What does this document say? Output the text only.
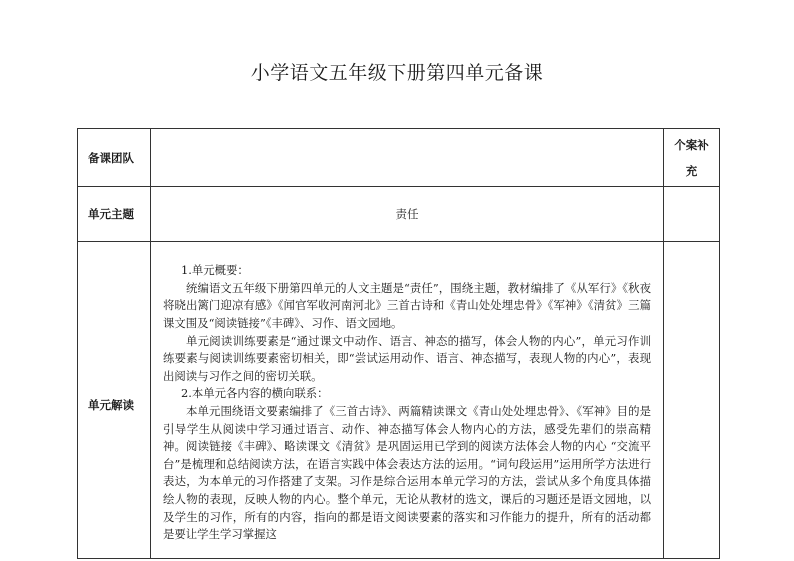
小学语文五年级下册第四单元备课
备课团队		个案补
充

单元主题	责任	
单元解读	1.单元概要：

统编语文五年级下册第四单元的人文主题是“责任”，围绕主题，教材编排了《从军行》《秋夜将晓出篱门迎凉有感》《闻官军收河南河北》三首古诗和《青山处处埋忠骨》《军神》《清贫》三篇课文围及“阅读链接”《丰碑》、习作、语文园地。

单元阅读训练要素是“通过课文中动作、语言、神态的描写，体会人物的内心”，单元习作训练要素与阅读训练要素密切相关，即“尝试运用动作、语言、神态描写，表现人物的内心”，表现出阅读与习作之间的密切关联。

2.本单元各内容的横向联系：

本单元围绕语文要素编排了《三首古诗》、两篇精读课文《青山处处埋忠骨》、《军神》目的是引导学生从阅读中学习通过语言、动作、神态描写体会人物内心的方法，感受先辈们的崇高精神。阅读链接《丰碑》、略读课文《清贫》是巩固运用已学到的阅读方法体会人物的内心 “交流平台”是梳理和总结阅读方法，在语言实践中体会表达方法的运用。“词句段运用”运用所学方法进行表达，为本单元的习作搭建了支架。习作是综合运用本单元学习的方法，尝试从多个角度具体描绘人物的表现，反映人物的内心。整个单元，无论从教材的选文，课后的习题还是语文园地，以及学生的习作，所有的内容，指向的都是语文阅读要素的落实和习作能力的提升，所有的活动都是要让学生学习掌握这	
